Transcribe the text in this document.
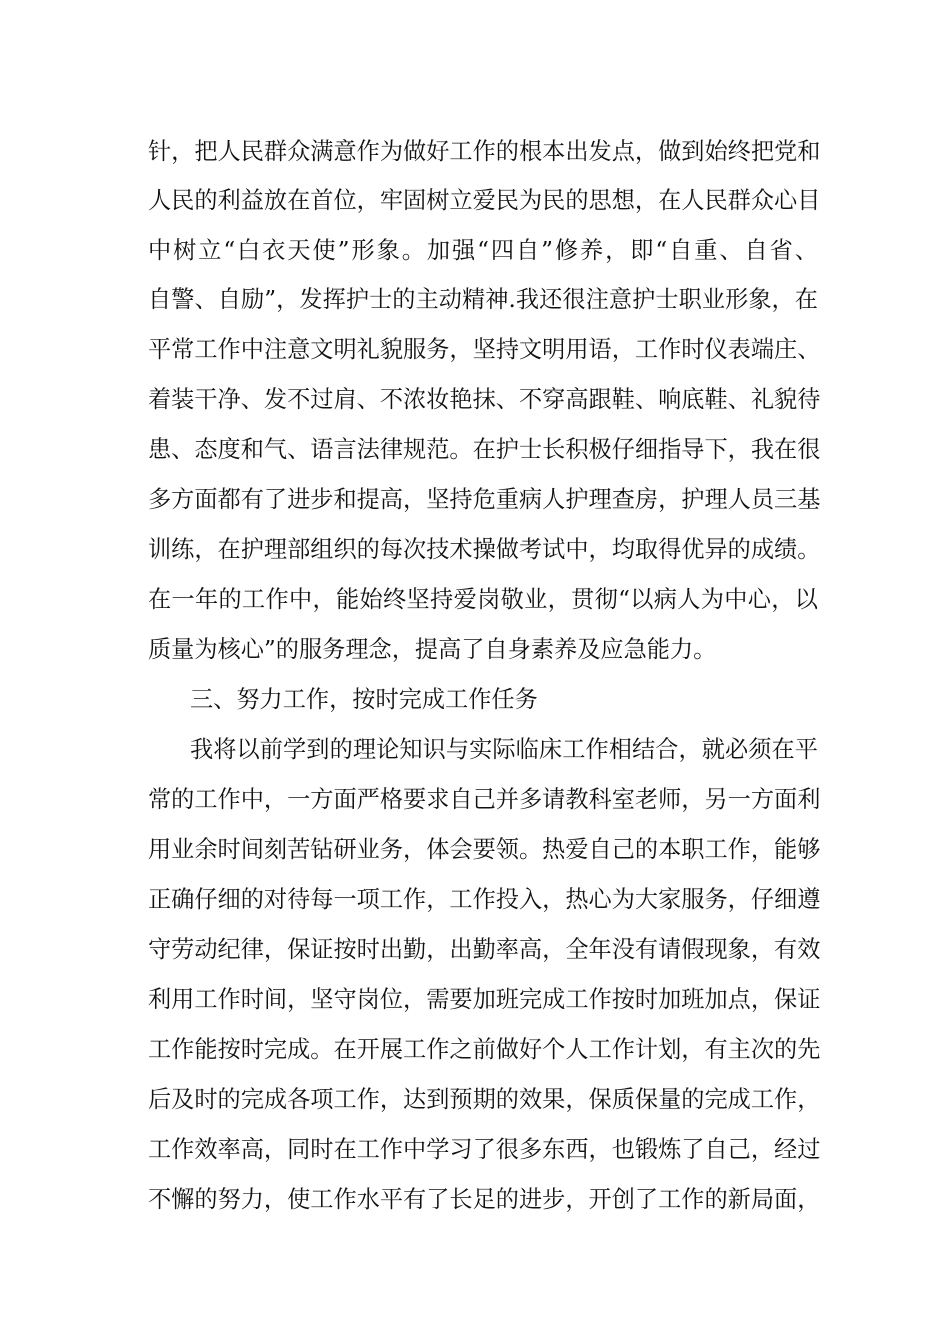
针，把人民群众满意作为做好工作的根本出发点，做到始终把党和
人民的利益放在首位，牢固树立爱民为民的思想，在人民群众心目
中树立“白衣天使”形象。加强“四自”修养，即“自重、自省、
自警、自励”，发挥护士的主动精神.我还很注意护士职业形象，在
平常工作中注意文明礼貌服务，坚持文明用语，工作时仪表端庄、
着装干净、发不过肩、不浓妆艳抹、不穿高跟鞋、响底鞋、礼貌待
患、态度和气、语言法律规范。在护士长积极仔细指导下，我在很
多方面都有了进步和提高，坚持危重病人护理查房，护理人员三基
训练，在护理部组织的每次技术操做考试中，均取得优异的成绩。
在一年的工作中，能始终坚持爱岗敬业，贯彻“以病人为中心，以
质量为核心”的服务理念，提高了自身素养及应急能力。
三、努力工作，按时完成工作任务
我将以前学到的理论知识与实际临床工作相结合，就必须在平
常的工作中，一方面严格要求自己并多请教科室老师，另一方面利
用业余时间刻苦钻研业务，体会要领。热爱自己的本职工作，能够
正确仔细的对待每一项工作，工作投入，热心为大家服务，仔细遵
守劳动纪律，保证按时出勤，出勤率高，全年没有请假现象，有效
利用工作时间，坚守岗位，需要加班完成工作按时加班加点，保证
工作能按时完成。在开展工作之前做好个人工作计划，有主次的先
后及时的完成各项工作，达到预期的效果，保质保量的完成工作，
工作效率高，同时在工作中学习了很多东西，也锻炼了自己，经过
不懈的努力，使工作水平有了长足的进步，开创了工作的新局面，
